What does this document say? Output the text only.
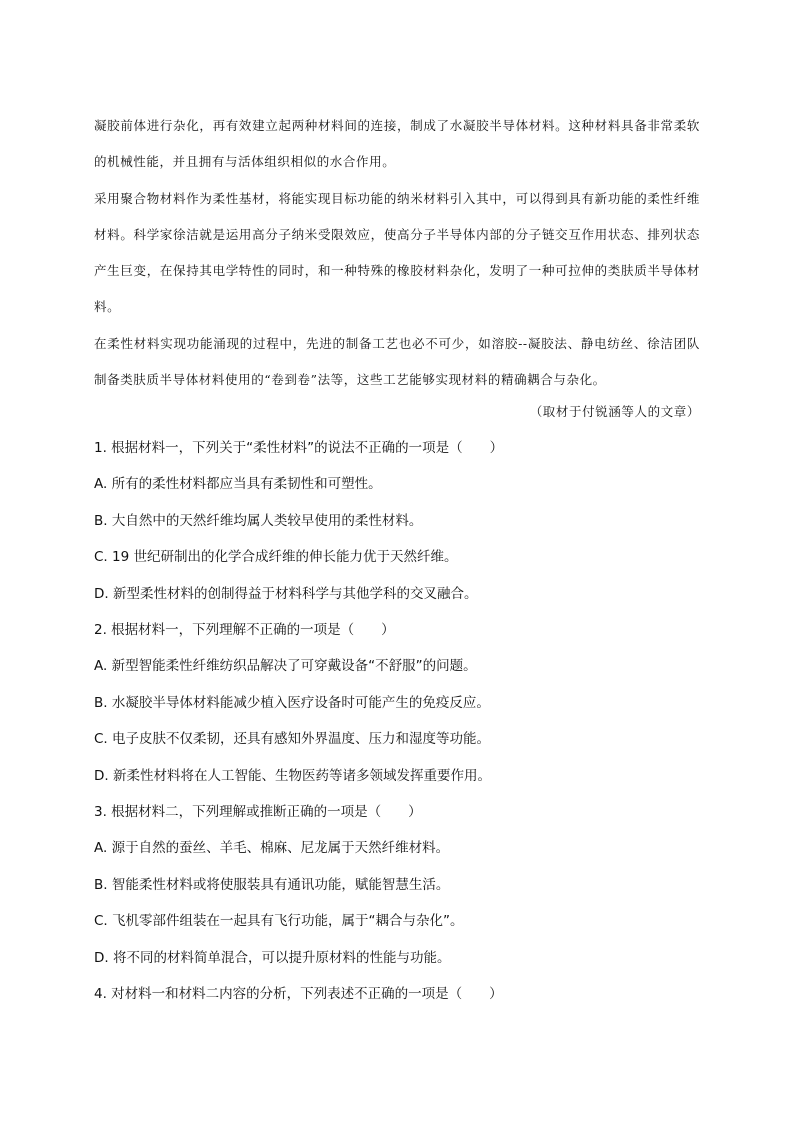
凝胶前体进行杂化，再有效建立起两种材料间的连接，制成了水凝胶半导体材料。这种材料具备非常柔软的机械性能，并且拥有与活体组织相似的水合作用。

采用聚合物材料作为柔性基材，将能实现目标功能的纳米材料引入其中，可以得到具有新功能的柔性纤维材料。科学家徐洁就是运用高分子纳米受限效应，使高分子半导体内部的分子链交互作用状态、排列状态产生巨变，在保持其电学特性的同时，和一种特殊的橡胶材料杂化，发明了一种可拉伸的类肤质半导体材料。

在柔性材料实现功能涌现的过程中，先进的制备工艺也必不可少，如溶胶--凝胶法、静电纺丝、徐洁团队制备类肤质半导体材料使用的“卷到卷”法等，这些工艺能够实现材料的精确耦合与杂化。

（取材于付锐涵等人的文章）
1. 根据材料一，下列关于“柔性材料”的说法不正确的一项是（　　）
A. 所有的柔性材料都应当具有柔韧性和可塑性。
B. 大自然中的天然纤维均属人类较早使用的柔性材料。
C. 19 世纪研制出的化学合成纤维的伸长能力优于天然纤维。
D. 新型柔性材料的创制得益于材料科学与其他学科的交叉融合。
2. 根据材料一，下列理解不正确的一项是（　　）
A. 新型智能柔性纤维纺织品解决了可穿戴设备“不舒服”的问题。
B. 水凝胶半导体材料能减少植入医疗设备时可能产生的免疫反应。
C. 电子皮肤不仅柔韧，还具有感知外界温度、压力和湿度等功能。
D. 新柔性材料将在人工智能、生物医药等诸多领域发挥重要作用。
3. 根据材料二，下列理解或推断正确的一项是（　　）
A. 源于自然的蚕丝、羊毛、棉麻、尼龙属于天然纤维材料。
B. 智能柔性材料或将使服装具有通讯功能，赋能智慧生活。
C. 飞机零部件组装在一起具有飞行功能，属于“耦合与杂化”。
D. 将不同的材料简单混合，可以提升原材料的性能与功能。
4. 对材料一和材料二内容的分析，下列表述不正确的一项是（　　）
